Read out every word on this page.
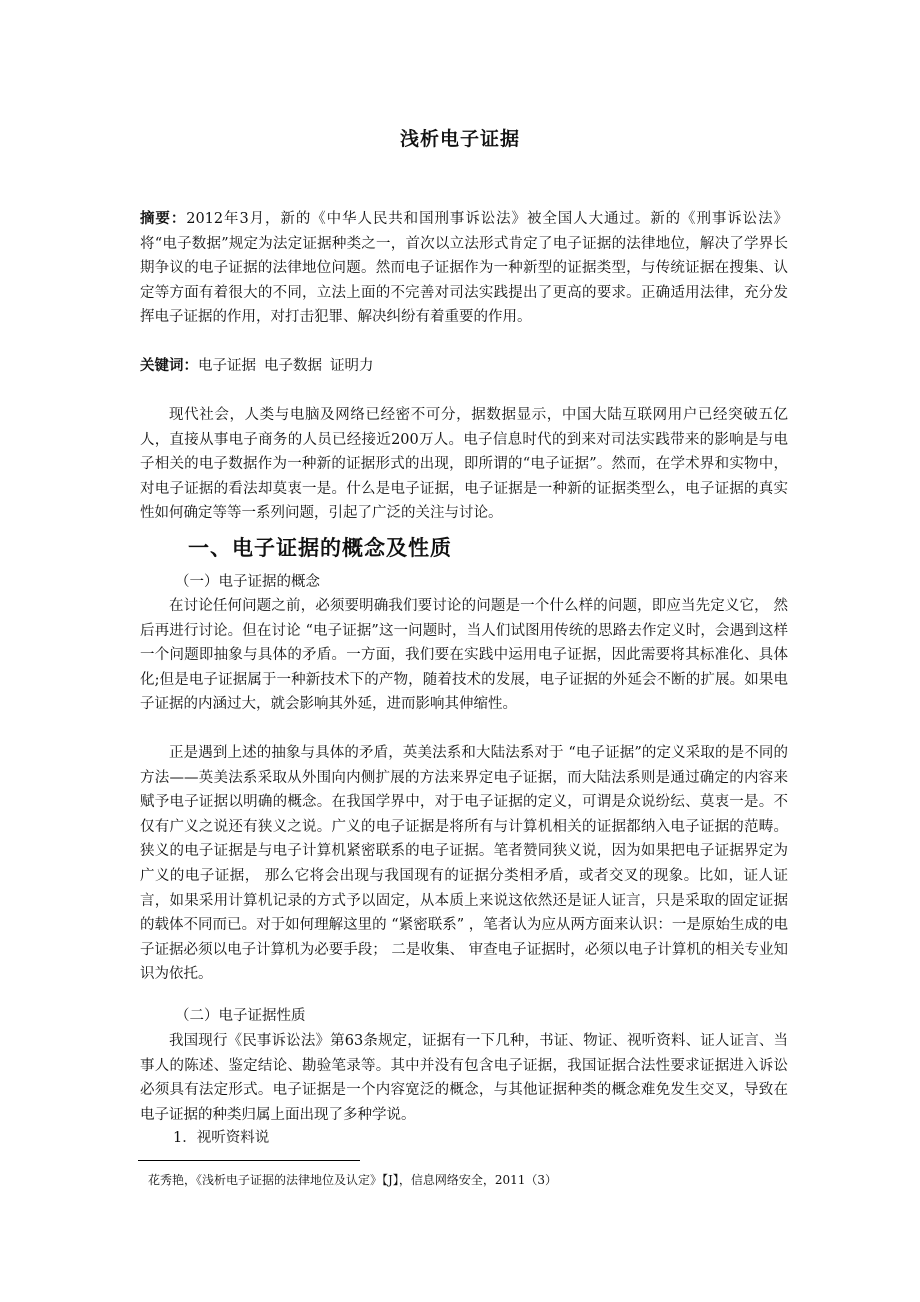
浅析电子证据
摘要：2012年3月，新的《中华人民共和国刑事诉讼法》被全国人大通过。新的《刑事诉讼法》将“电子数据”规定为法定证据种类之一，首次以立法形式肯定了电子证据的法律地位，解决了学界长期争议的电子证据的法律地位问题。然而电子证据作为一种新型的证据类型，与传统证据在搜集、认定等方面有着很大的不同，立法上面的不完善对司法实践提出了更高的要求。正确适用法律，充分发挥电子证据的作用，对打击犯罪、解决纠纷有着重要的作用。
关键词：电子证据 电子数据 证明力
现代社会，人类与电脑及网络已经密不可分，据数据显示，中国大陆互联网用户已经突破五亿人，直接从事电子商务的人员已经接近200万人。电子信息时代的到来对司法实践带来的影响是与电子相关的电子数据作为一种新的证据形式的出现，即所谓的“电子证据”。然而，在学术界和实物中，对电子证据的看法却莫衷一是。什么是电子证据，电子证据是一种新的证据类型么，电子证据的真实性如何确定等等一系列问题，引起了广泛的关注与讨论。
一、电子证据的概念及性质
（一）电子证据的概念
在讨论任何问题之前，必须要明确我们要讨论的问题是一个什么样的问题，即应当先定义它， 然后再进行讨论。但在讨论 “电子证据”这一问题时，当人们试图用传统的思路去作定义时，会遇到这样一个问题即抽象与具体的矛盾。一方面，我们要在实践中运用电子证据，因此需要将其标准化、具体化;但是电子证据属于一种新技术下的产物，随着技术的发展，电子证据的外延会不断的扩展。如果电子证据的内涵过大，就会影响其外延，进而影响其伸缩性。
正是遇到上述的抽象与具体的矛盾，英美法系和大陆法系对于 “电子证据”的定义采取的是不同的方法——英美法系采取从外围向内侧扩展的方法来界定电子证据，而大陆法系则是通过确定的内容来赋予电子证据以明确的概念。在我国学界中，对于电子证据的定义，可谓是众说纷纭、莫衷一是。不仅有广义之说还有狭义之说。广义的电子证据是将所有与计算机相关的证据都纳入电子证据的范畴。狭义的电子证据是与电子计算机紧密联系的电子证据。笔者赞同狭义说，因为如果把电子证据界定为广义的电子证据， 那么它将会出现与我国现有的证据分类相矛盾，或者交叉的现象。比如，证人证言，如果采用计算机记录的方式予以固定，从本质上来说这依然还是证人证言，只是采取的固定证据的载体不同而已。对于如何理解这里的 “紧密联系” ，笔者认为应从两方面来认识：一是原始生成的电子证据必须以电子计算机为必要手段； 二是收集、 审查电子证据时，必须以电子计算机的相关专业知识为依托。
（二）电子证据性质
我国现行《民事诉讼法》第63条规定，证据有一下几种，书证、物证、视听资料、证人证言、当事人的陈述、鉴定结论、勘验笔录等。其中并没有包含电子证据，我国证据合法性要求证据进入诉讼必须具有法定形式。电子证据是一个内容宽泛的概念，与其他证据种类的概念难免发生交叉，导致在电子证据的种类归属上面出现了多种学说。
1．视听资料说
花秀艳，《浅析电子证据的法律地位及认定》【J】，信息网络安全，2011（3）
